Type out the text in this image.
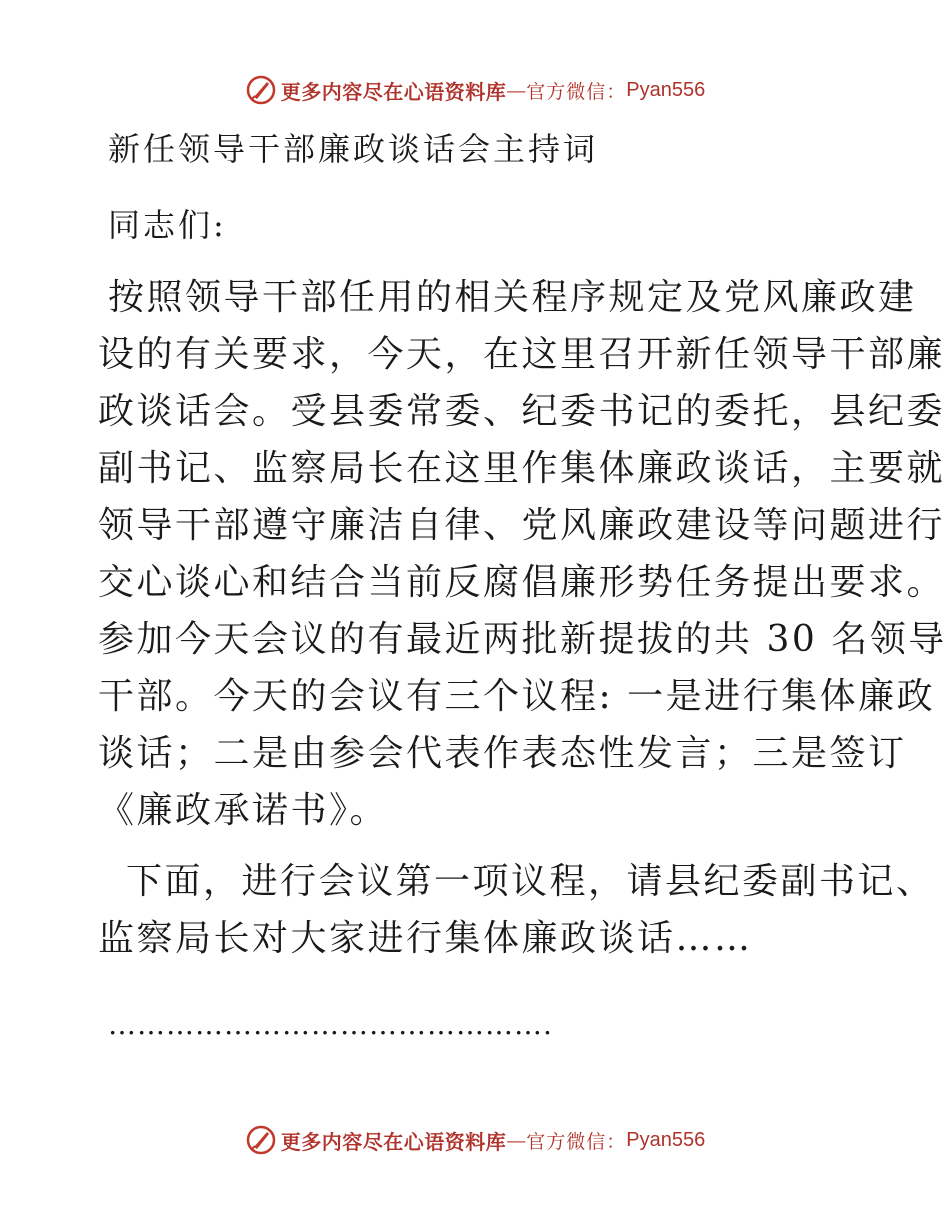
更多内容尽在心语资料库 — 官方微信： Pyan556
新任领导干部廉政谈话会主持词
同志们:
按照领导干部任用的相关程序规定及党风廉政建
设的有关要求，今天，在这里召开新任领导干部廉
政谈话会。受县委常委、纪委书记的委托，县纪委
副书记、监察局长在这里作集体廉政谈话，主要就
领导干部遵守廉洁自律、党风廉政建设等问题进行
交心谈心和结合当前反腐倡廉形势任务提出要求。
参加今天会议的有最近两批新提拔的共 30 名领导
干部。今天的会议有三个议程: 一是进行集体廉政
谈话；二是由参会代表作表态性发言；三是签订
《廉政承诺书》。
下面，进行会议第一项议程，请县纪委副书记、
监察局长对大家进行集体廉政谈话……
……………………………………….
更多内容尽在心语资料库 — 官方微信： Pyan556
